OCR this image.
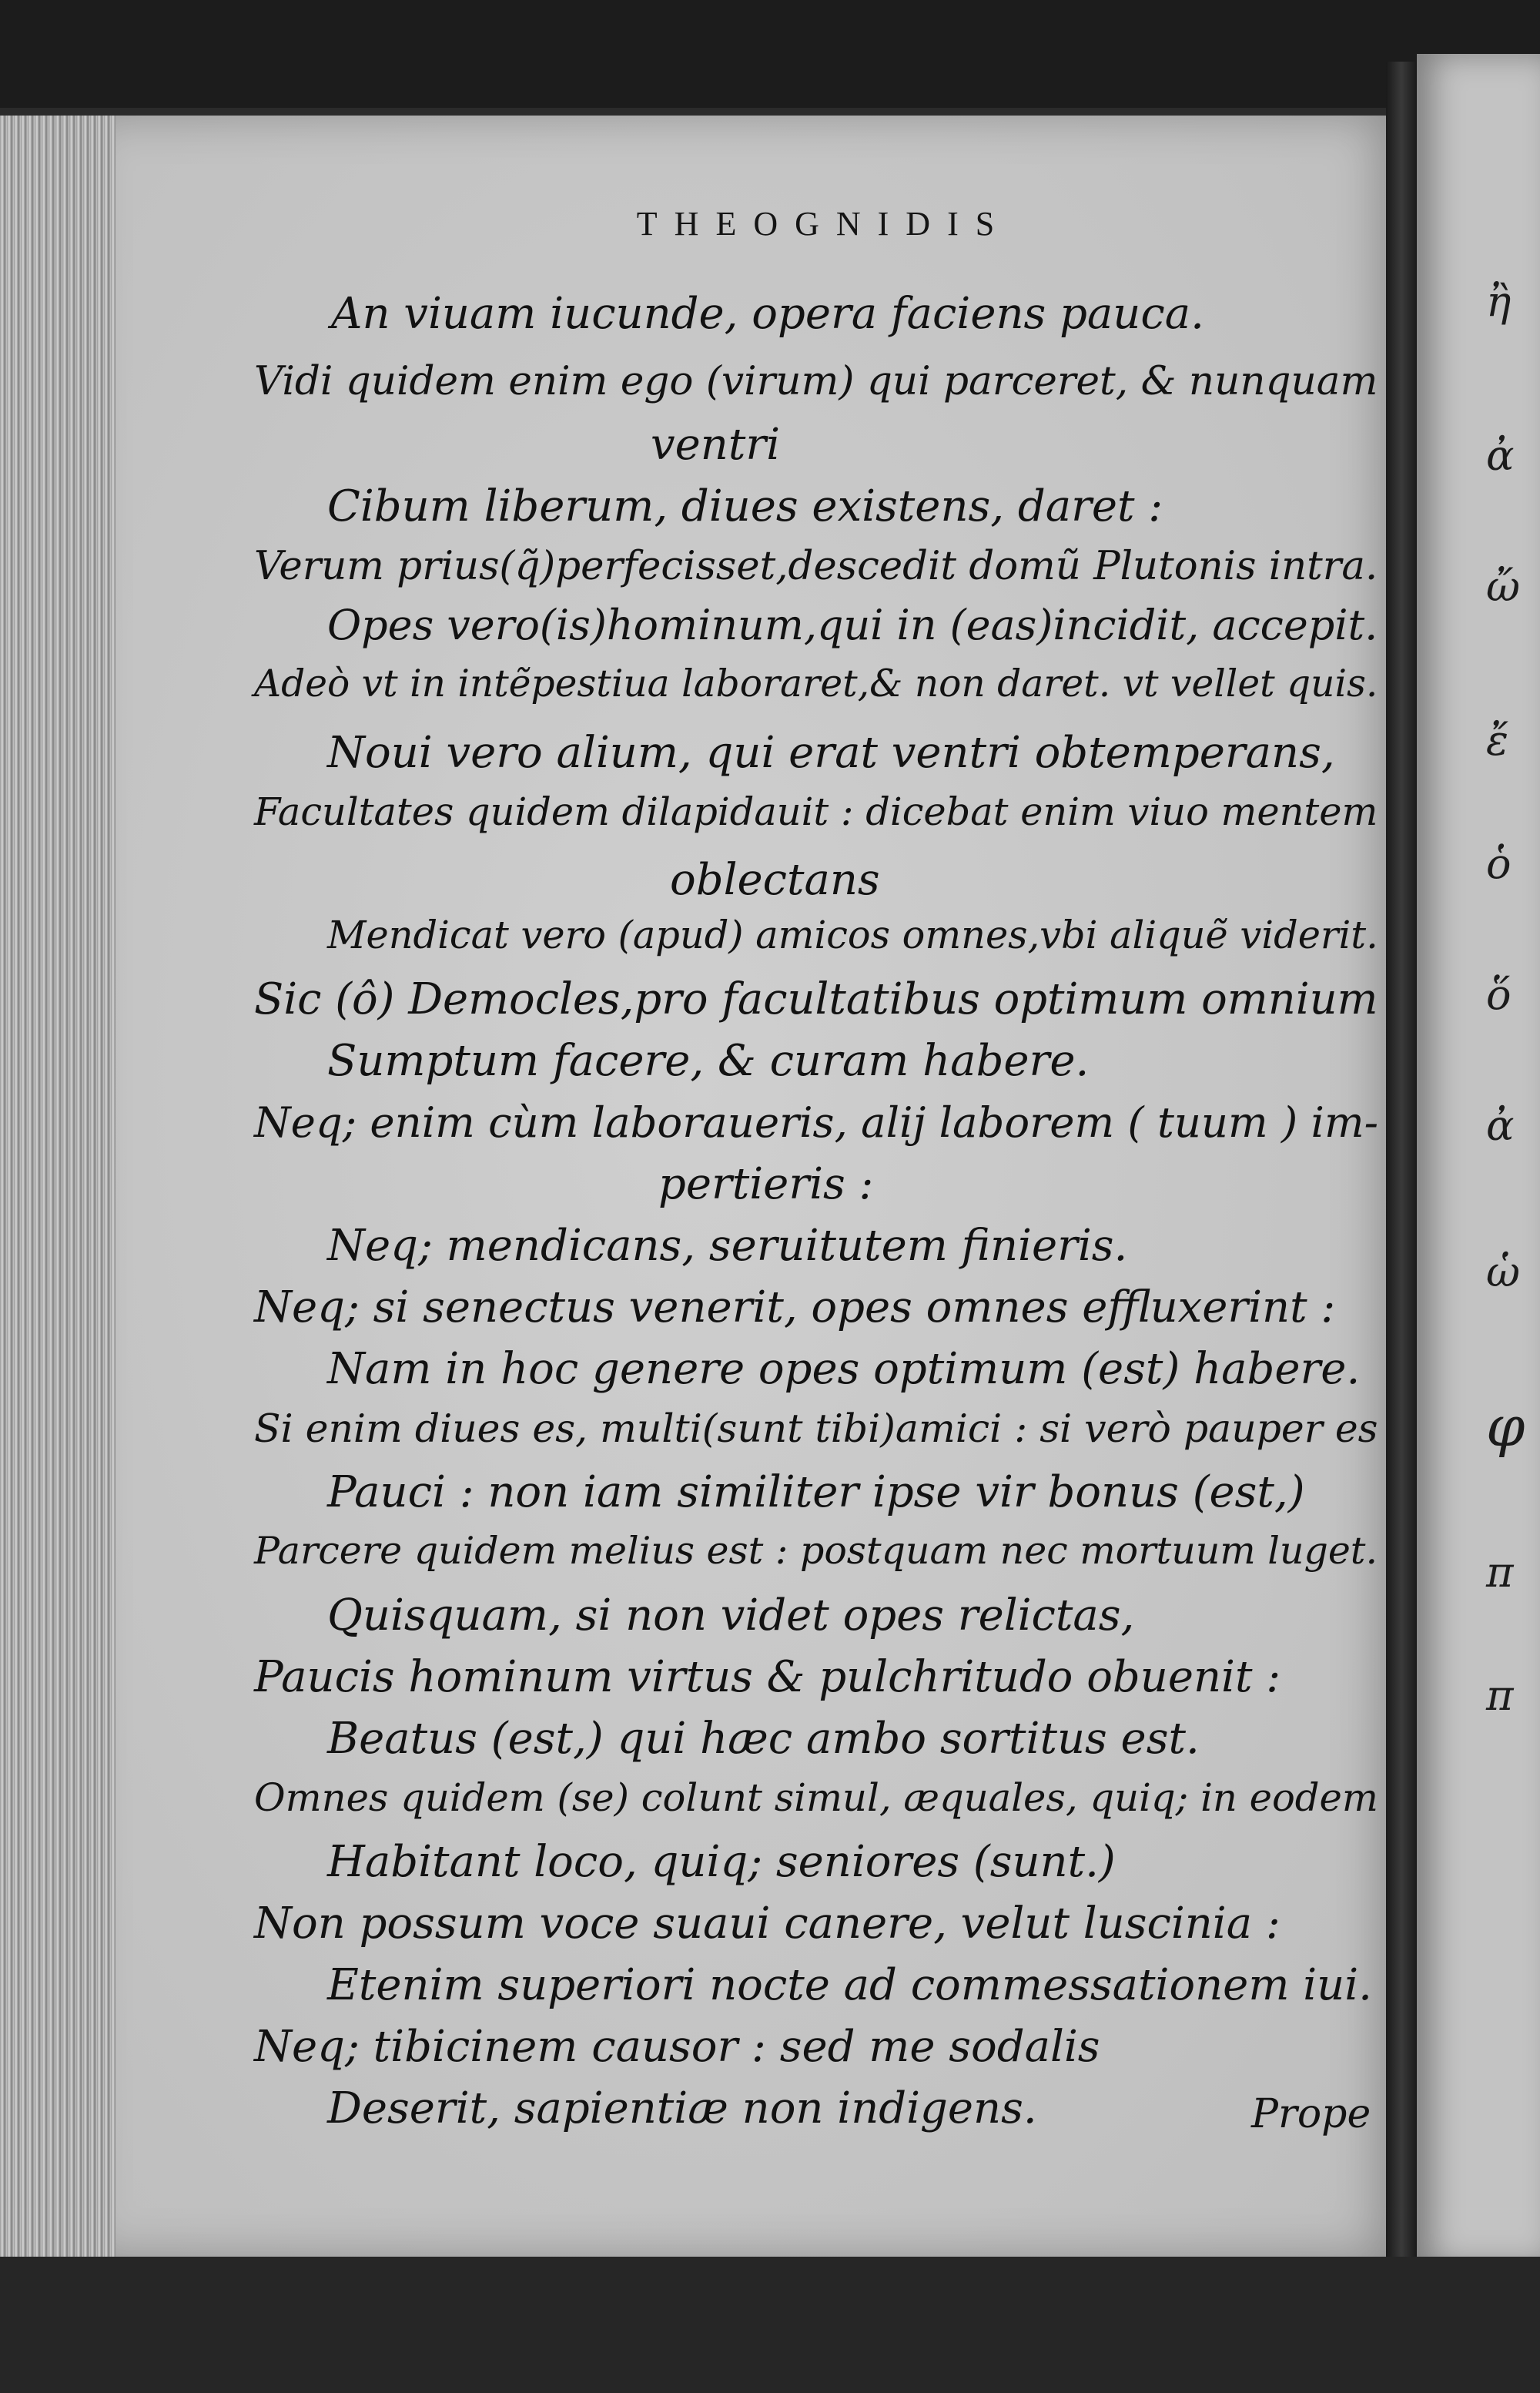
ἢ
ἀ
ὤ
ἔ
ὁ
ὅ
ἀ
ὡ
φ
π
π
THEOGNIDIS
An viuam iucunde, opera faciens pauca.
Vidi quidem enim ego (virum) qui parceret, & nunquam
ventri
Cibum liberum, diues existens, daret :
Verum prius(q̃)perfecisset,descedit domũ Plutonis intra.
Opes vero(is)hominum,qui in (eas)incidit, accepit.
Adeò vt in intẽpestiua laboraret,& non daret. vt vellet quis.
Noui vero alium, qui erat ventri obtemperans,
Facultates quidem dilapidauit : dicebat enim viuo mentem
oblectans
Mendicat vero (apud) amicos omnes,vbi aliquẽ viderit.
Sic (ô) Democles,pro facultatibus optimum omnium
Sumptum facere, & curam habere.
Neq; enim cùm laboraueris, alij laborem ( tuum ) im-
pertieris :
Neq; mendicans, seruitutem finieris.
Neq; si senectus venerit, opes omnes effluxerint :
Nam in hoc genere opes optimum (est) habere.
Si enim diues es, multi(sunt tibi)amici : si verò pauper es
Pauci : non iam similiter ipse vir bonus (est,)
Parcere quidem melius est : postquam nec mortuum luget.
Quisquam, si non videt opes relictas,
Paucis hominum virtus & pulchritudo obuenit :
Beatus (est,) qui hæc ambo sortitus est.
Omnes quidem (se) colunt simul, æquales, quiq; in eodem
Habitant loco, quiq; seniores (sunt.)
Non possum voce suaui canere, velut luscinia :
Etenim superiori nocte ad commessationem iui.
Neq; tibicinem causor : sed me sodalis
Deserit, sapientiæ non indigens.	Prope
